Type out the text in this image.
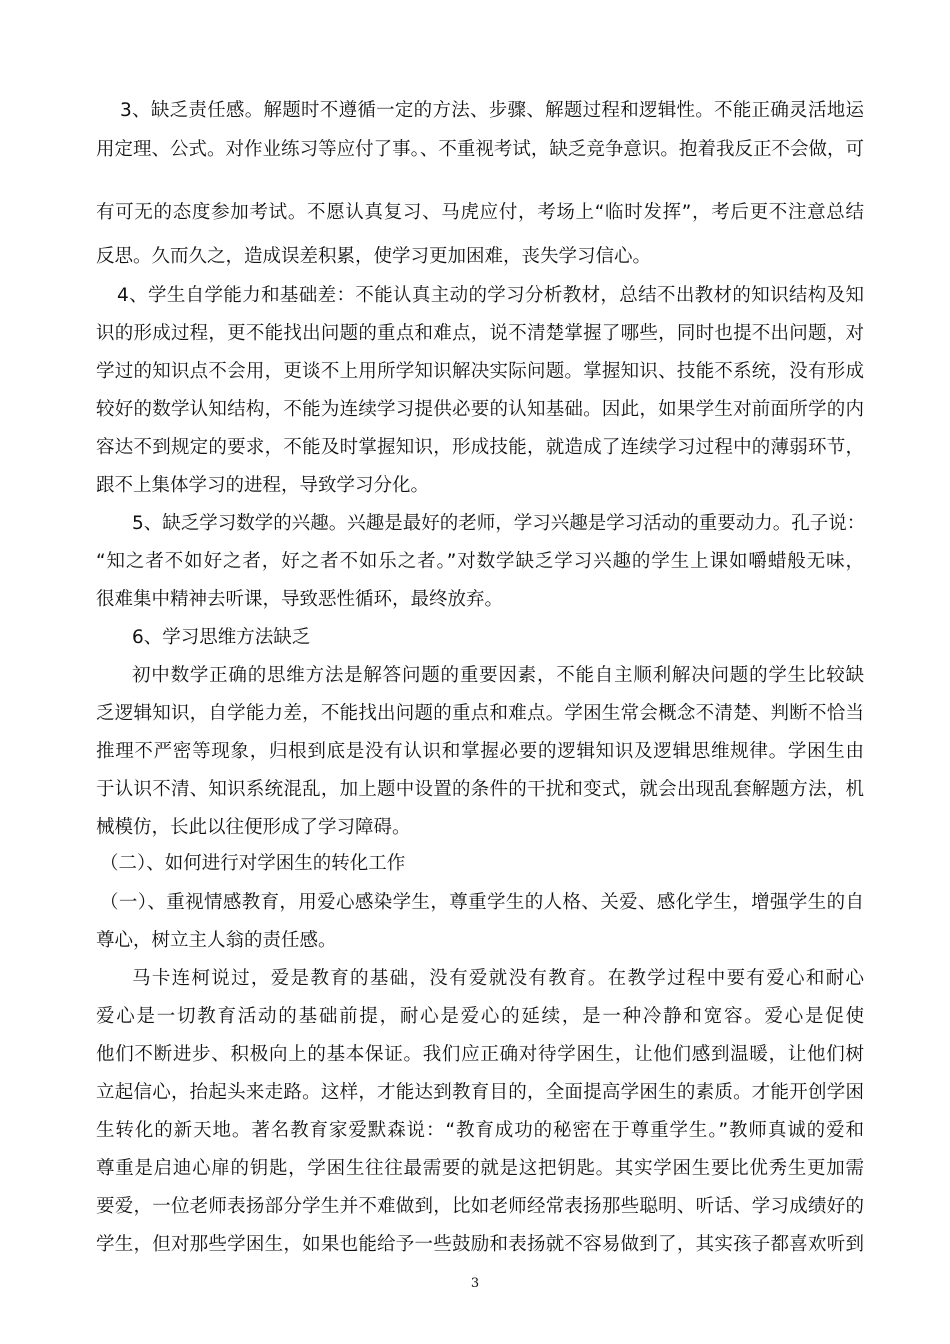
3、缺乏责任感。解题时不遵循一定的方法、步骤、解题过程和逻辑性。不能正确灵活地运
用定理、公式。对作业练习等应付了事。、不重视考试，缺乏竞争意识。抱着我反正不会做，可
有可无的态度参加考试。不愿认真复习、马虎应付，考场上“临时发挥”，考后更不注意总结
反思。久而久之，造成误差积累，使学习更加困难，丧失学习信心。
4、学生自学能力和基础差：不能认真主动的学习分析教材，总结不出教材的知识结构及知
识的形成过程，更不能找出问题的重点和难点，说不清楚掌握了哪些，同时也提不出问题，对
学过的知识点不会用，更谈不上用所学知识解决实际问题。掌握知识、技能不系统，没有形成
较好的数学认知结构，不能为连续学习提供必要的认知基础。因此，如果学生对前面所学的内
容达不到规定的要求，不能及时掌握知识，形成技能，就造成了连续学习过程中的薄弱环节，
跟不上集体学习的进程，导致学习分化。
5、缺乏学习数学的兴趣。兴趣是最好的老师，学习兴趣是学习活动的重要动力。孔子说：
“知之者不如好之者，好之者不如乐之者。”对数学缺乏学习兴趣的学生上课如嚼蜡般无味，
很难集中精神去听课，导致恶性循环，最终放弃。
6、学习思维方法缺乏
初中数学正确的思维方法是解答问题的重要因素，不能自主顺利解决问题的学生比较缺
乏逻辑知识，自学能力差，不能找出问题的重点和难点。学困生常会概念不清楚、判断不恰当
推理不严密等现象，归根到底是没有认识和掌握必要的逻辑知识及逻辑思维规律。学困生由
于认识不清、知识系统混乱，加上题中设置的条件的干扰和变式，就会出现乱套解题方法，机
械模仿，长此以往便形成了学习障碍。
（二）、如何进行对学困生的转化工作
（一）、重视情感教育，用爱心感染学生，尊重学生的人格、关爱、感化学生，增强学生的自
尊心，树立主人翁的责任感。
马卡连柯说过，爱是教育的基础，没有爱就没有教育。在教学过程中要有爱心和耐心
爱心是一切教育活动的基础前提，耐心是爱心的延续，是一种冷静和宽容。爱心是促使
他们不断进步、积极向上的基本保证。我们应正确对待学困生，让他们感到温暖，让他们树
立起信心，抬起头来走路。这样，才能达到教育目的，全面提高学困生的素质。才能开创学困
生转化的新天地。著名教育家爱默森说：“教育成功的秘密在于尊重学生。”教师真诚的爱和
尊重是启迪心扉的钥匙，学困生往往最需要的就是这把钥匙。其实学困生要比优秀生更加需
要爱，一位老师表扬部分学生并不难做到，比如老师经常表扬那些聪明、听话、学习成绩好的
学生，但对那些学困生，如果也能给予一些鼓励和表扬就不容易做到了，其实孩子都喜欢听到
3
